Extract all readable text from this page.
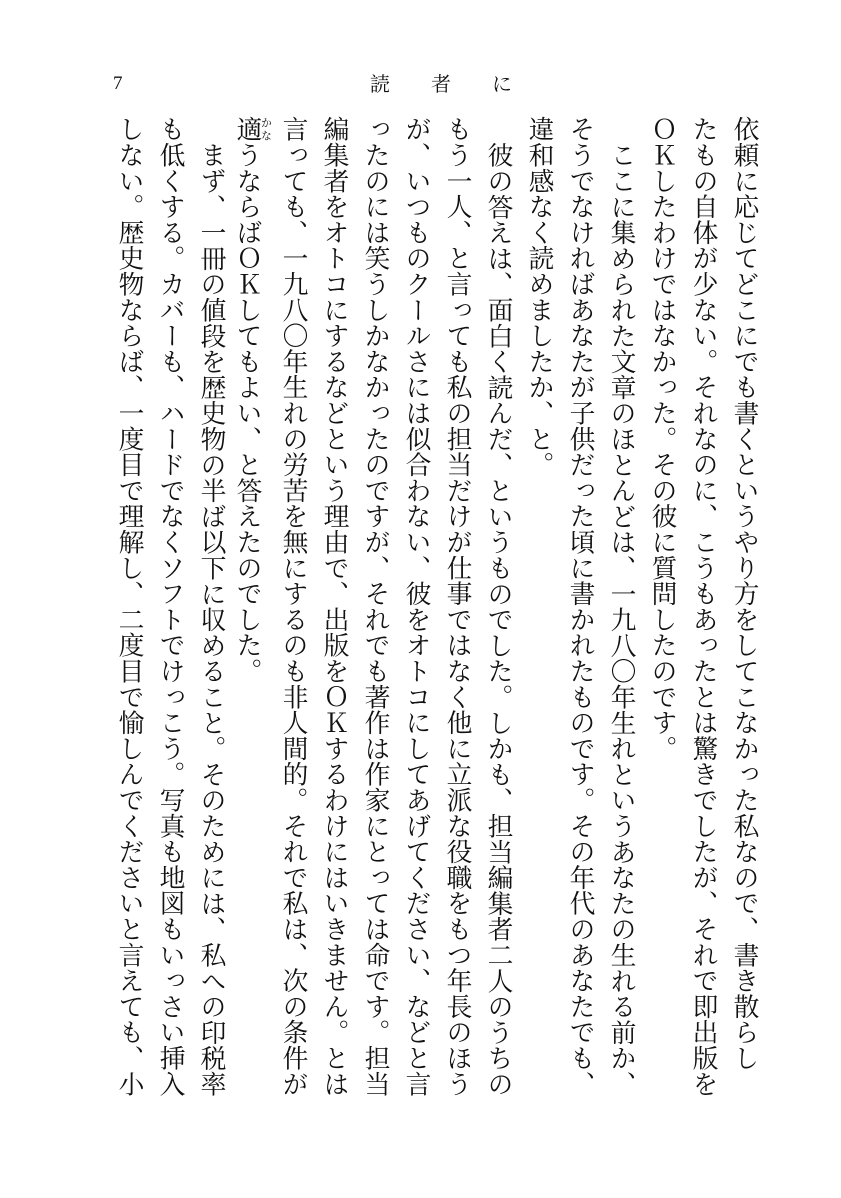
7	読者に
依頼に応じてどこにでも書くというやり方をしてこなかった私なので、書き散らし
たもの自体が少ない。それなのに、こうもあったとは驚きでしたが、それで即出版を
ＯＫしたわけではなかった。その彼に質問したのです。
ここに集められた文章のほとんどは、一九八〇年生れというあなたの生れる前か、
そうでなければあなたが子供だった頃に書かれたものです。その年代のあなたでも、
違和感なく読めましたか、と。
彼の答えは、面白く読んだ、というものでした。しかも、担当編集者二人のうちの
もう一人、と言っても私の担当だけが仕事ではなく他に立派な役職をもつ年長のほう
が、いつものクールさには似合わない、彼をオトコにしてあげてください、などと言
ったのには笑うしかなかったのですが、それでも著作は作家にとっては命です。担当
編集者をオトコにするなどという理由で、出版をＯＫするわけにはいきません。とは
言っても、一九八〇年生れの労苦を無にするのも非人間的。それで私は、次の条件が
適かなうならばＯＫしてもよい、と答えたのでした。
まず、一冊の値段を歴史物の半ば以下に収めること。そのためには、私への印税率
も低くする。カバーも、ハードでなくソフトでけっこう。写真も地図もいっさい挿入
しない。歴史物ならば、一度目で理解し、二度目で愉しんでくださいと言えても、小
